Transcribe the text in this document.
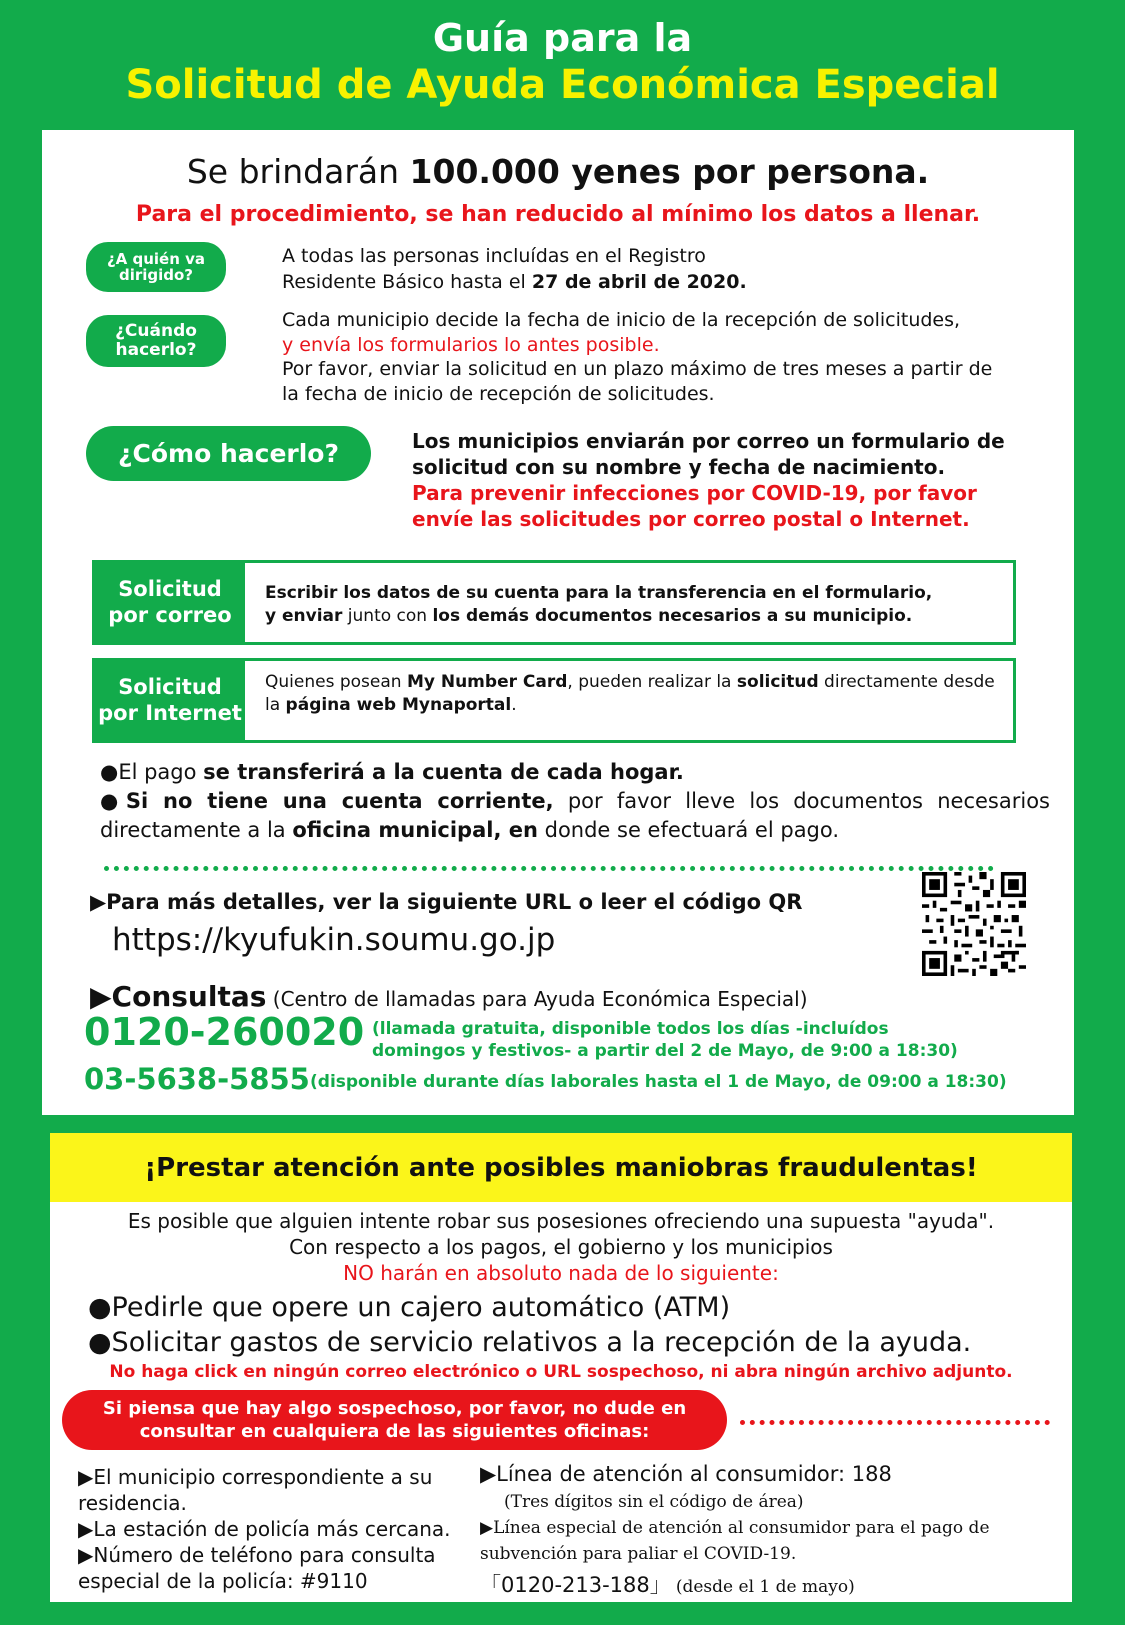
Guía para la
Solicitud de Ayuda Económica Especial
Se brindarán 100.000 yenes por persona.
Para el procedimiento, se han reducido al mínimo los datos a llenar.
¿A quién va dirigido?
A todas las personas incluídas en el Registro
Residente Básico hasta el 27 de abril de 2020.
¿Cuándo hacerlo?
Cada municipio decide la fecha de inicio de la recepción de solicitudes,
y envía los formularios lo antes posible.
Por favor, enviar la solicitud en un plazo máximo de tres meses a partir de
la fecha de inicio de recepción de solicitudes.
¿Cómo hacerlo?	Los municipios enviarán por correo un formulario de
solicitud con su nombre y fecha de nacimiento.
Para prevenir infecciones por COVID-19, por favor
envíe las solicitudes por correo postal o Internet.
Solicitud por correo
Escribir los datos de su cuenta para la transferencia en el formulario,
y enviar junto con los demás documentos necesarios a su municipio.
Solicitud por Internet
Quienes posean My Number Card, pueden realizar la solicitud directamente desde
la página web Mynaportal.
●El pago se transferirá a la cuenta de cada hogar.
●Si no tiene una cuenta corriente, por favor lleve los documentos necesarios
directamente a la oficina municipal, en donde se efectuará el pago.
▶Para más detalles, ver la siguiente URL o leer el código QR
https://kyufukin.soumu.go.jp
▶Consultas (Centro de llamadas para Ayuda Económica Especial)
0120-260020 (llamada gratuita, disponible todos los días -incluídos
domingos y festivos- a partir del 2 de Mayo, de 9:00 a 18:30)
03-5638-5855 (disponible durante días laborales hasta el 1 de Mayo, de 09:00 a 18:30)
¡Prestar atención ante posibles maniobras fraudulentas!
Es posible que alguien intente robar sus posesiones ofreciendo una supuesta "ayuda".
Con respecto a los pagos, el gobierno y los municipios
NO harán en absoluto nada de lo siguiente:
●Pedirle que opere un cajero automático (ATM)
●Solicitar gastos de servicio relativos a la recepción de la ayuda.
No haga click en ningún correo electrónico o URL sospechoso, ni abra ningún archivo adjunto.
Si piensa que hay algo sospechoso, por favor, no dude en
consultar en cualquiera de las siguientes oficinas:
▶El municipio correspondiente a su
residencia.
▶La estación de policía más cercana.
▶Número de teléfono para consulta
especial de la policía: #9110
▶Línea de atención al consumidor: 188
(Tres dígitos sin el código de área)
▶Línea especial de atención al consumidor para el pago de
subvención para paliar el COVID-19.
「0120-213-188」 (desde el 1 de mayo)
